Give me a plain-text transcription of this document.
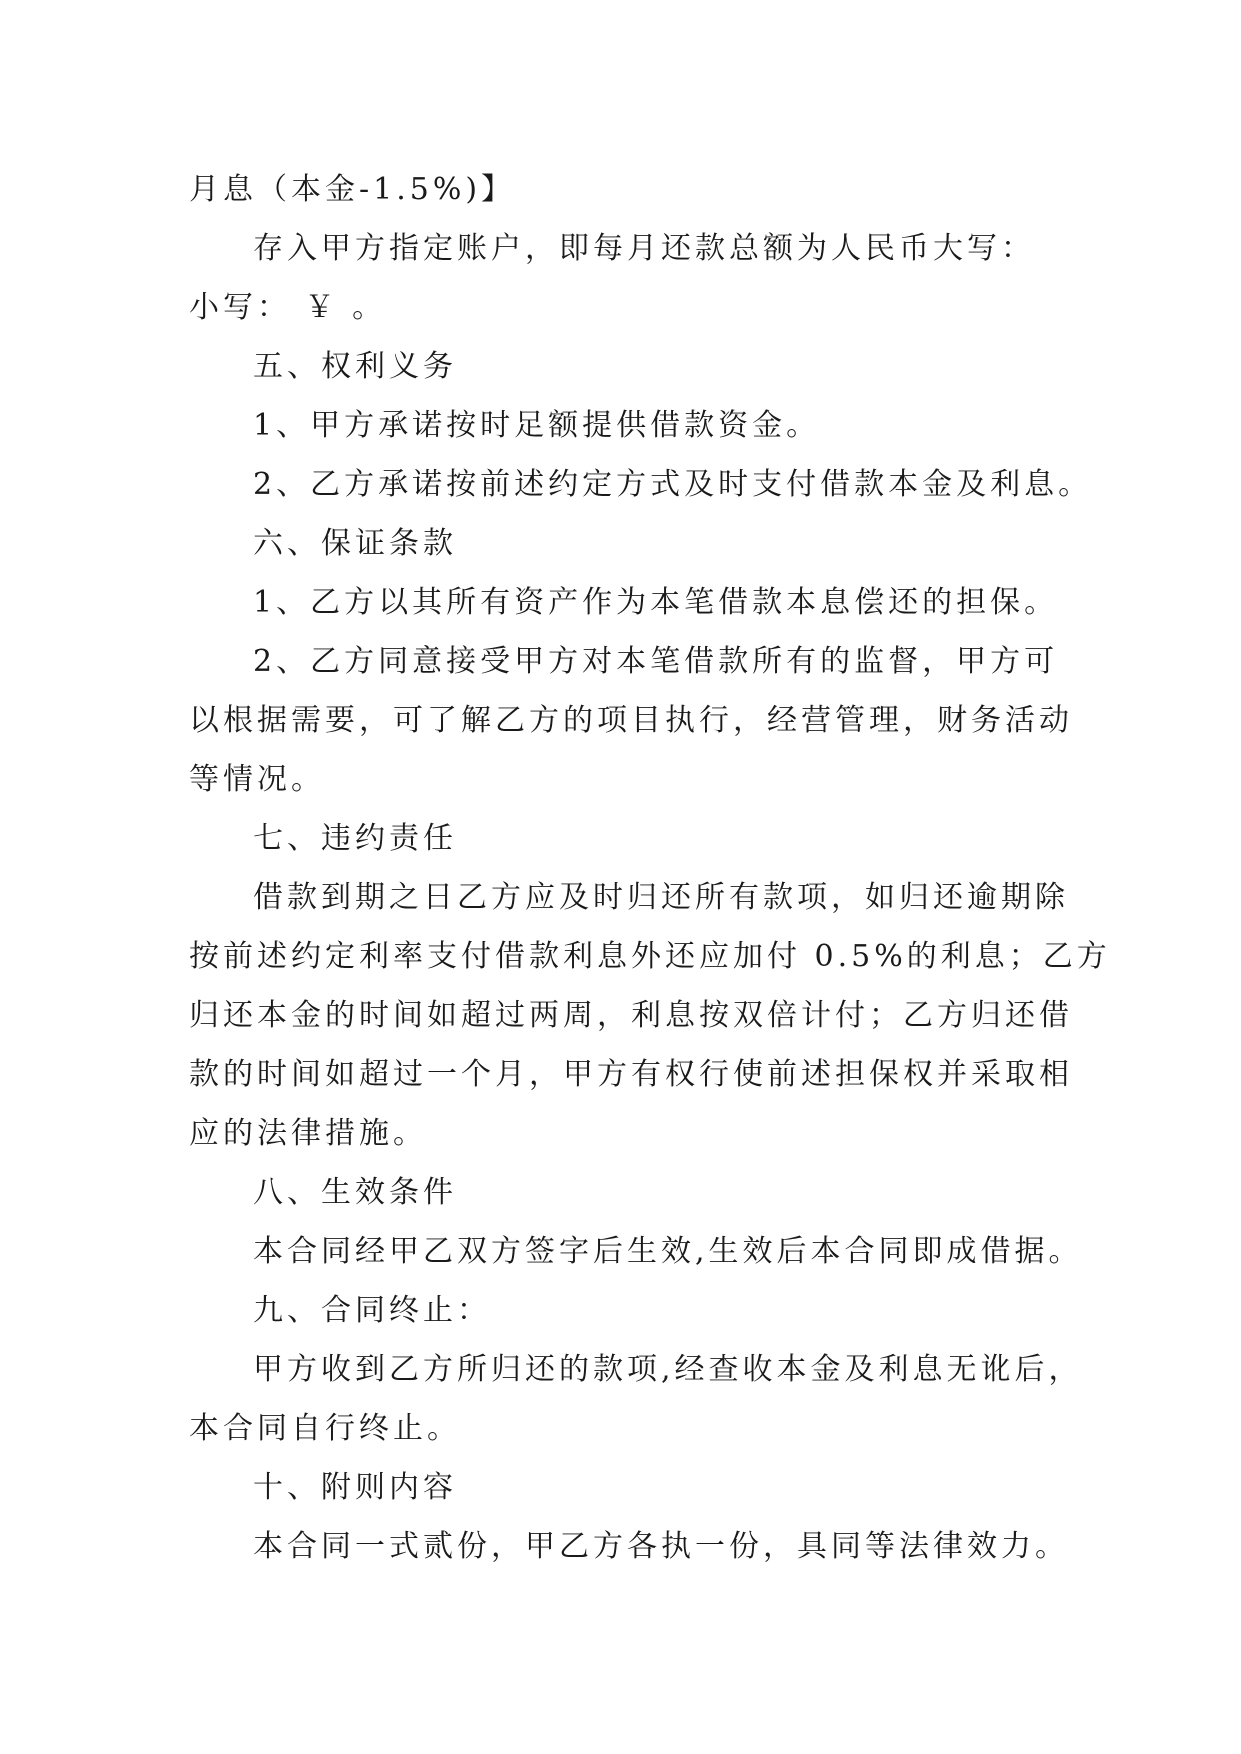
月息（本金-1.5%)】
存入甲方指定账户，即每月还款总额为人民币大写：
小写： ￥ 。
五、权利义务
1、甲方承诺按时足额提供借款资金。
2、乙方承诺按前述约定方式及时支付借款本金及利息。
六、保证条款
1、乙方以其所有资产作为本笔借款本息偿还的担保。
2、乙方同意接受甲方对本笔借款所有的监督，甲方可
以根据需要，可了解乙方的项目执行，经营管理，财务活动
等情况。
七、违约责任
借款到期之日乙方应及时归还所有款项，如归还逾期除
按前述约定利率支付借款利息外还应加付 0.5%的利息；乙方
归还本金的时间如超过两周，利息按双倍计付；乙方归还借
款的时间如超过一个月，甲方有权行使前述担保权并采取相
应的法律措施。
八、生效条件
本合同经甲乙双方签字后生效,生效后本合同即成借据。
九、合同终止：
甲方收到乙方所归还的款项,经查收本金及利息无讹后，
本合同自行终止。
十、附则内容
本合同一式贰份，甲乙方各执一份，具同等法律效力。
